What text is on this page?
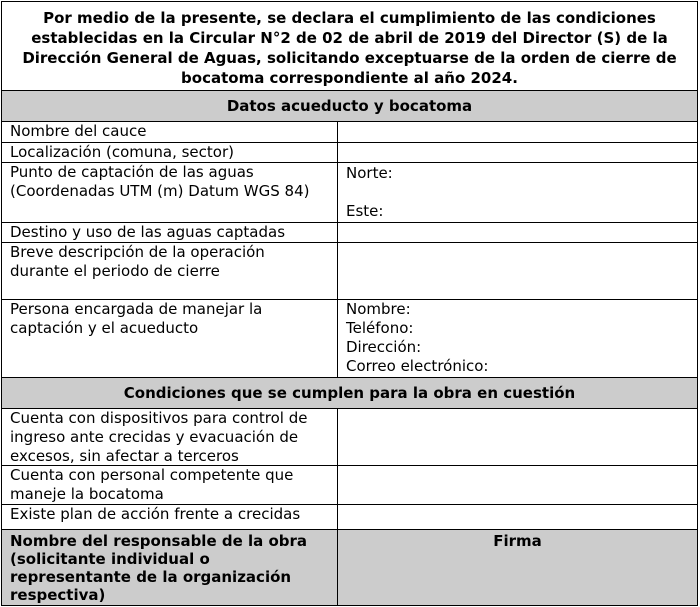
Por medio de la presente, se declara el cumplimiento de las condiciones
establecidas en la Circular N°2 de 02 de abril de 2019 del Director (S) de la
Dirección General de Aguas, solicitando exceptuarse de la orden de cierre de
bocatoma correspondiente al año 2024.
Datos acueducto y bocatoma
Nombre del cauce
Localización (comuna, sector)
Punto de captación de las aguas
(Coordenadas UTM (m) Datum WGS 84)
Norte:
Este:
Destino y uso de las aguas captadas
Breve descripción de la operación
durante el periodo de cierre
Persona encargada de manejar la
captación y el acueducto
Nombre:
Teléfono:
Dirección:
Correo electrónico:
Condiciones que se cumplen para la obra en cuestión
Cuenta con dispositivos para control de
ingreso ante crecidas y evacuación de
excesos, sin afectar a terceros
Cuenta con personal competente que
maneje la bocatoma
Existe plan de acción frente a crecidas
Nombre del responsable de la obra
(solicitante individual o
representante de la organización
respectiva)
Firma
